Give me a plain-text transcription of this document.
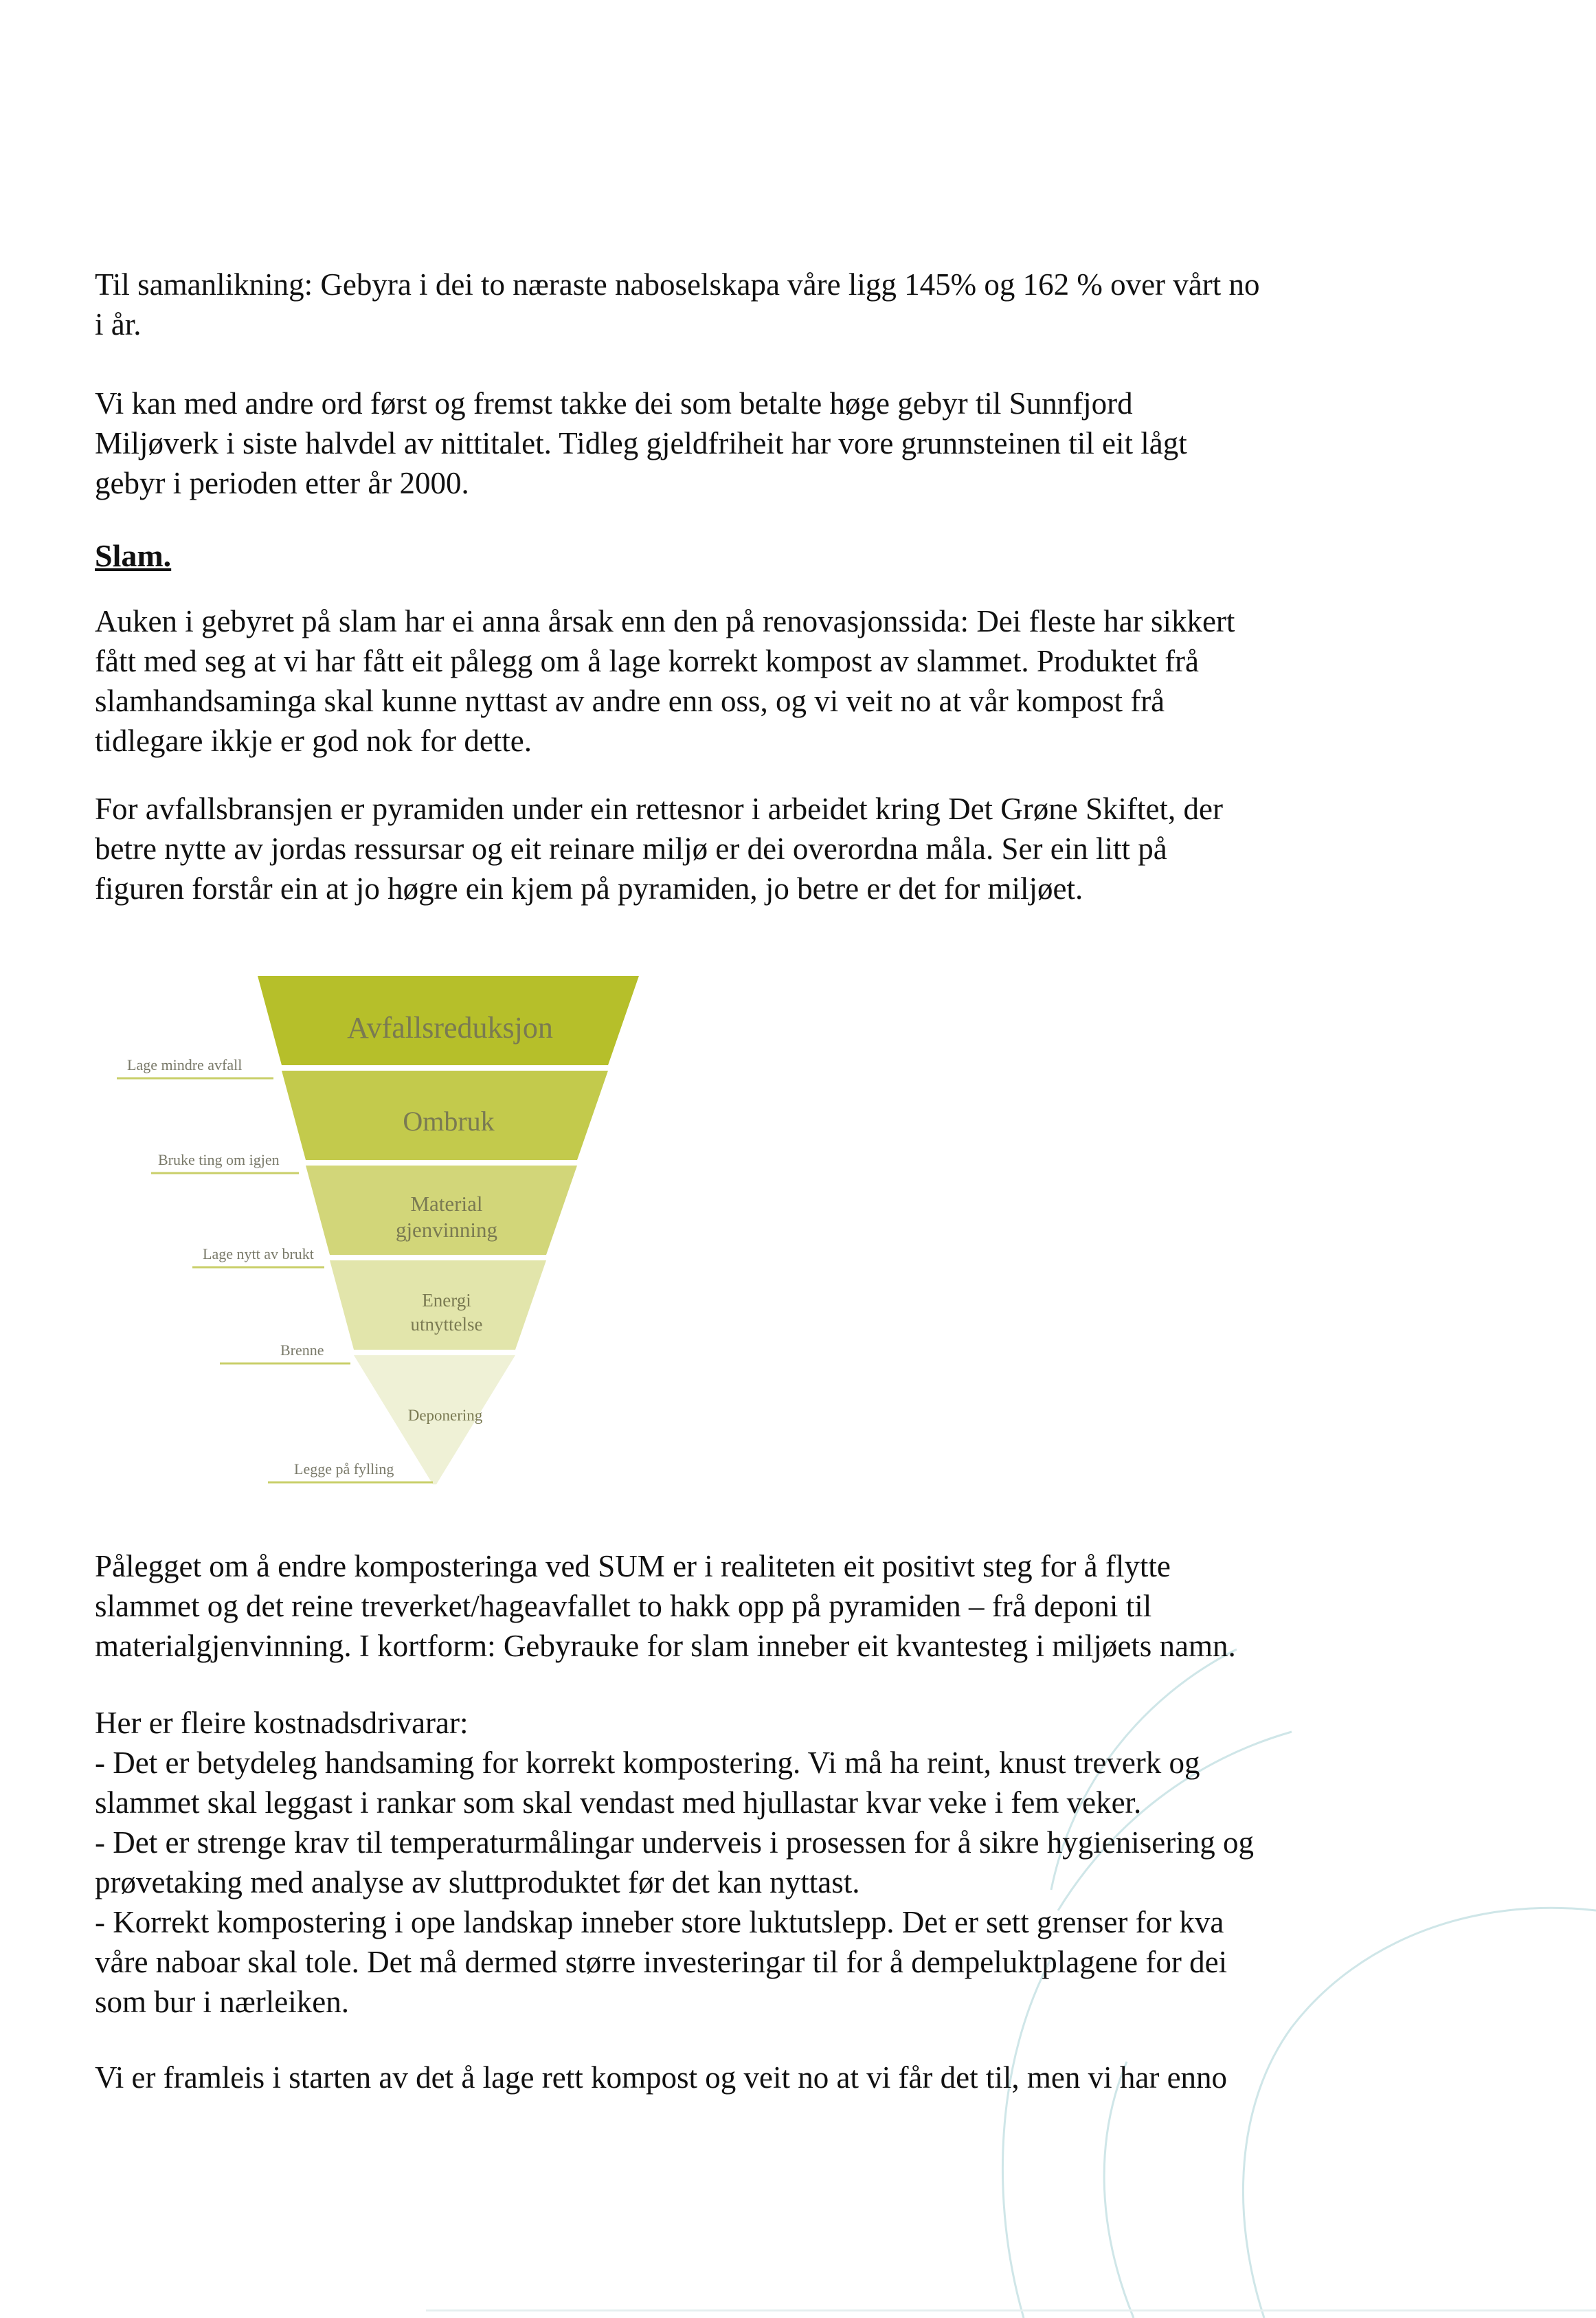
Til samanlikning: Gebyra i dei to næraste naboselskapa våre ligg 145% og 162 % over vårt no
i år.

Vi kan med andre ord først og fremst takke dei som betalte høge gebyr til Sunnfjord
Miljøverk i siste halvdel av nittitalet. Tidleg gjeldfriheit har vore grunnsteinen til eit lågt
gebyr i perioden etter år 2000.

Slam.

Auken i gebyret på slam har ei anna årsak enn den på renovasjonssida: Dei fleste har sikkert
fått med seg at vi har fått eit pålegg om å lage korrekt kompost av slammet. Produktet frå
slamhandsaminga skal kunne nyttast av andre enn oss, og vi veit no at vår kompost frå
tidlegare ikkje er god nok for dette.

For avfallsbransjen er pyramiden under ein rettesnor i arbeidet kring Det Grøne Skiftet, der
betre nytte av jordas ressursar og eit reinare miljø er dei overordna måla. Ser ein litt på
figuren forstår ein at jo høgre ein kjem på pyramiden, jo betre er det for miljøet.

Avfallsreduksjon
Ombruk
Material
gjenvinning
Energi
utnyttelse
Deponering
Lage mindre avfall
Bruke ting om igjen
Lage nytt av brukt
Brenne
Legge på fylling

Pålegget om å endre komposteringa ved SUM er i realiteten eit positivt steg for å flytte
slammet og det reine treverket/hageavfallet to hakk opp på pyramiden – frå deponi til
materialgjenvinning. I kortform: Gebyrauke for slam inneber eit kvantesteg i miljøets namn.

Her er fleire kostnadsdrivarar:
- Det er betydeleg handsaming for korrekt kompostering. Vi må ha reint, knust treverk og
slammet skal leggast i rankar som skal vendast med hjullastar kvar veke i fem veker.
- Det er strenge krav til temperaturmålingar underveis i prosessen for å sikre hygienisering og
prøvetaking med analyse av sluttproduktet før det kan nyttast.
- Korrekt kompostering i ope landskap inneber store luktutslepp. Det er sett grenser for kva
våre naboar skal tole. Det må dermed større investeringar til for å dempeluktplagene for dei
som bur i nærleiken.

Vi er framleis i starten av det å lage rett kompost og veit no at vi får det til, men vi har enno
